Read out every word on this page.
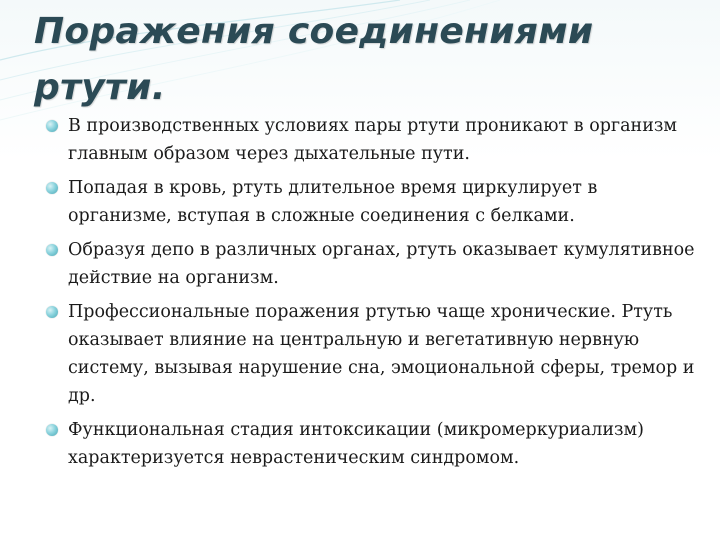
Поражения соединениями ртути.
В производственных условиях пары ртути проникают в организм главным образом через дыхательные пути.
Попадая в кровь, ртуть длительное время циркулирует в организме, вступая в сложные соединения с белками.
Образуя депо в различных органах, ртуть оказывает кумулятивное действие на организм.
Профессиональные поражения ртутью чаще хронические. Ртуть оказывает влияние на центральную и вегетативную нервную систему, вызывая нарушение сна, эмоциональной сферы, тремор и др.
Функциональная стадия интоксикации (микромеркуриализм) характеризуется неврастеническим синдромом.
